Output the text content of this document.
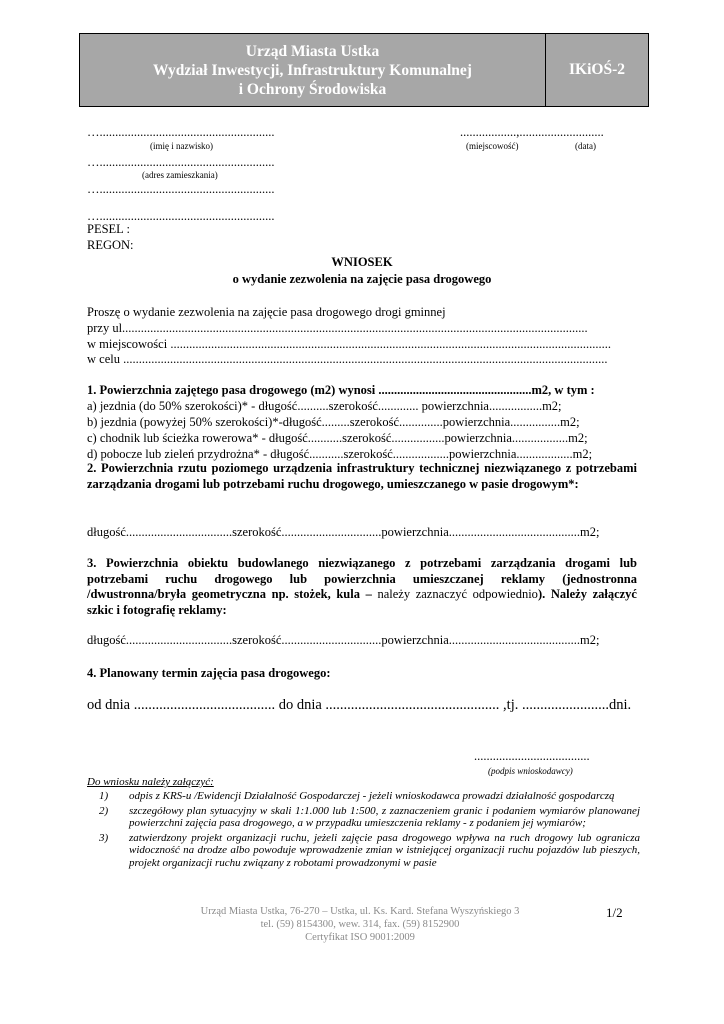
Urząd Miasta Ustka
Wydział Inwestycji, Infrastruktury Komunalnej
i Ochrony Środowiska
IKiOŚ-2
…........................................................
(imię i nazwisko)
…........................................................
(adres zamieszkania)
…........................................................
…........................................................
PESEL :
REGON:
..................,...........................
(miejscowość)	(data)
WNIOSEK
o wydanie zezwolenia na zajęcie pasa drogowego
Proszę o wydanie zezwolenia na zajęcie pasa drogowego drogi gminnej
przy ul.....................................................................................................................................................
w miejscowości .............................................................................................................................................
w celu ...........................................................................................................................................................
1. Powierzchnia zajętego pasa drogowego (m2) wynosi .................................................m2, w tym :
a) jezdnia (do 50% szerokości)* - długość..........szerokość............. powierzchnia.................m2;
b) jezdnia (powyżej 50% szerokości)*-długość.........szerokość..............powierzchnia................m2;
c) chodnik lub ścieżka rowerowa* - długość...........szerokość.................powierzchnia..................m2;
d) pobocze lub zieleń przydrożna* - długość...........szerokość..................powierzchnia..................m2;
2. Powierzchnia rzutu poziomego urządzenia infrastruktury technicznej niezwiązanego z potrzebami zarządzania drogami lub potrzebami ruchu drogowego, umieszczanego w pasie drogowym*:
długość..................................szerokość................................powierzchnia..........................................m2;
3. Powierzchnia obiektu budowlanego niezwiązanego z potrzebami zarządzania drogami lub potrzebami ruchu drogowego lub powierzchnia umieszczanej reklamy (jednostronna /dwustronna/bryła geometryczna np. stożek, kula – należy zaznaczyć odpowiednio). Należy załączyć szkic i fotografię reklamy:
długość..................................szerokość................................powierzchnia..........................................m2;
4. Planowany termin zajęcia pasa drogowego:
od dnia ....................................... do dnia ................................................ ,tj. ........................dni.
.....................................
(podpis wnioskodawcy)
Do wniosku należy załączyć:
1)	odpis z KRS-u /Ewidencji Działalność Gospodarczej - jeżeli wnioskodawca prowadzi działalność gospodarczą
2)	szczegółowy plan sytuacyjny w skali 1:1.000 lub 1:500, z zaznaczeniem granic i podaniem wymiarów planowanej powierzchni zajęcia pasa drogowego, a w przypadku umieszczenia reklamy - z podaniem jej wymiarów;
3)	zatwierdzony projekt organizacji ruchu, jeżeli zajęcie pasa drogowego wpływa na ruch drogowy lub ogranicza widoczność na drodze albo powoduje wprowadzenie zmian w istniejącej organizacji ruchu pojazdów lub pieszych, projekt organizacji ruchu związany z robotami prowadzonymi w pasie
Urząd Miasta Ustka, 76-270 – Ustka, ul. Ks. Kard. Stefana Wyszyńskiego 3
tel. (59) 8154300, wew. 314, fax. (59) 8152900
Certyfikat ISO 9001:2009
1/2
